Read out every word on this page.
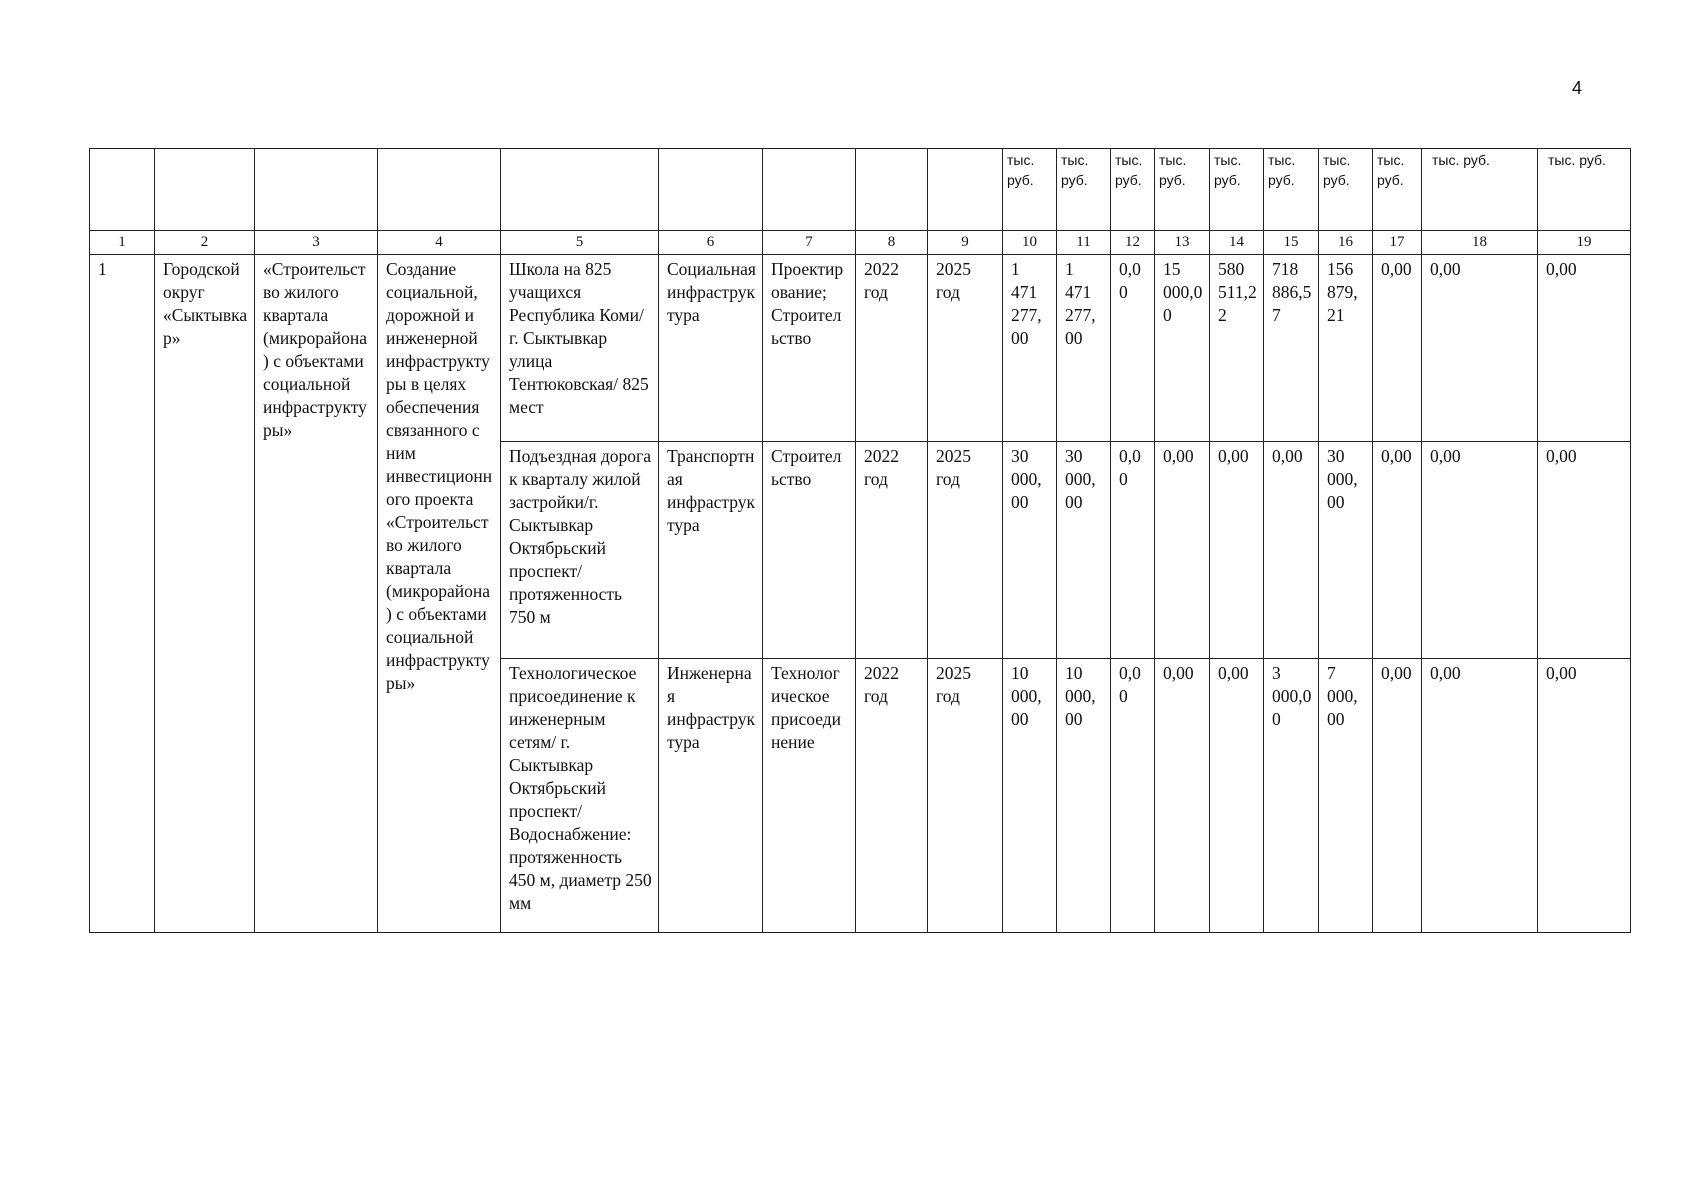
4
									тыс. руб.	тыс. руб.	тыс. руб.	тыс. руб.	тыс. руб.	тыс. руб.	тыс. руб.	тыс. руб.	тыс. руб.	тыс. руб.
1	2	3	4	5	6	7	8	9	10	11	12	13	14	15	16	17	18	19
1	Городской округ «Сыктывкар»	«Строительство жилого квартала (микрорайона) с объектами социальной инфраструктуры»	Создание социальной, дорожной и инженерной инфраструктуры в целях обеспечения связанного с ним инвестиционного проекта «Строительство жилого квартала (микрорайона) с объектами социальной инфраструктуры»	Школа на 825 учащихся Республика Коми/г. Сыктывкар улица Тентюковская/ 825 мест	Социальная инфраструктура	Проектирование; Строительство	2022 год	2025 год	1 471 277,00	1 471 277,00	0,00	15 000,00	580 511,22	718 886,57	156 879,21	0,00	0,00	0,00
				Подъездная дорога к кварталу жилой застройки/г. Сыктывкар Октябрьский проспект/протяженность 750 м	Транспортная инфраструктура	Строительство	2022 год	2025 год	30 000,00	30 000,00	0,00	0,00	0,00	0,00	30 000,00	0,00	0,00	0,00
				Технологическое присоединение к инженерным сетям/ г. Сыктывкар Октябрьский проспект/Водоснабжение: протяженность 450 м, диаметр 250 мм	Инженерная инфраструктура	Технологическое присоединение	2022 год	2025 год	10 000,00	10 000,00	0,00	0,00	0,00	3 000,00	7 000,00	0,00	0,00	0,00
